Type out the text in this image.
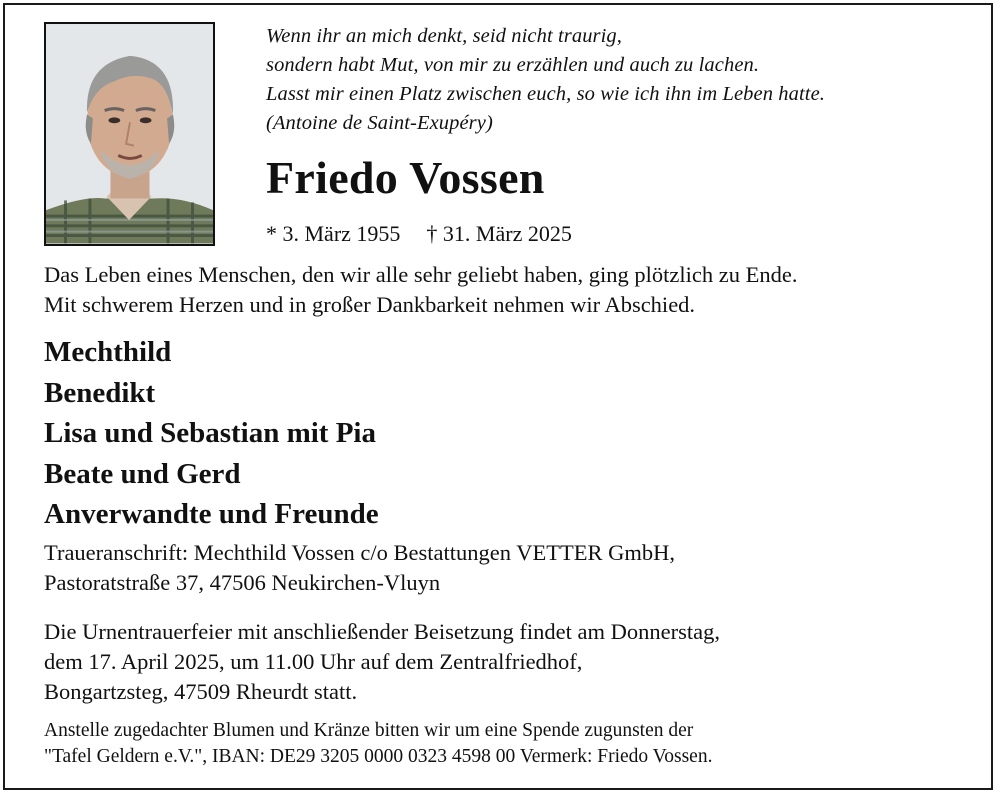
Wenn ihr an mich denkt, seid nicht traurig,
sondern habt Mut, von mir zu erzählen und auch zu lachen.
Lasst mir einen Platz zwischen euch, so wie ich ihn im Leben hatte.
(Antoine de Saint-Exupéry)
Friedo Vossen
* 3. März 1955 † 31. März 2025
Das Leben eines Menschen, den wir alle sehr geliebt haben, ging plötzlich zu Ende.
Mit schwerem Herzen und in großer Dankbarkeit nehmen wir Abschied.
Mechthild
Benedikt
Lisa und Sebastian mit Pia
Beate und Gerd
Anverwandte und Freunde
Traueranschrift: Mechthild Vossen c/o Bestattungen VETTER GmbH,
Pastoratstraße 37, 47506 Neukirchen-Vluyn
Die Urnentrauerfeier mit anschließender Beisetzung findet am Donnerstag,
dem 17. April 2025, um 11.00 Uhr auf dem Zentralfriedhof,
Bongartzsteg, 47509 Rheurdt statt.
Anstelle zugedachter Blumen und Kränze bitten wir um eine Spende zugunsten der
"Tafel Geldern e.V.", IBAN: DE29 3205 0000 0323 4598 00 Vermerk: Friedo Vossen.
